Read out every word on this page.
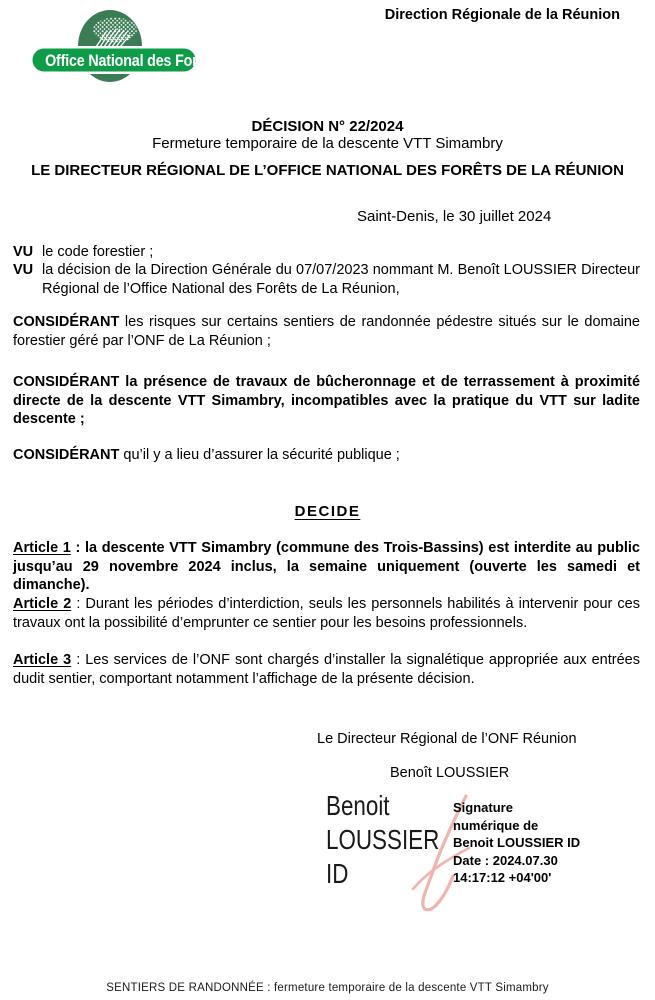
Direction Régionale de la Réunion
Office National des Forêts
DÉCISION N° 22/2024
Fermeture temporaire de la descente VTT Simambry
LE DIRECTEUR RÉGIONAL DE L’OFFICE NATIONAL DES FORÊTS DE LA RÉUNION
Saint-Denis, le 30 juillet 2024
VU le code forestier ;
VU la décision de la Direction Générale du 07/07/2023 nommant M. Benoît LOUSSIER Directeur Régional de l’Office National des Forêts de La Réunion,
CONSIDÉRANT les risques sur certains sentiers de randonnée pédestre situés sur le domaine forestier géré par l’ONF de La Réunion ;
CONSIDÉRANT la présence de travaux de bûcheronnage et de terrassement à proximité directe de la descente VTT Simambry, incompatibles avec la pratique du VTT sur ladite descente ;
CONSIDÉRANT qu’il y a lieu d’assurer la sécurité publique ;
DECIDE
Article 1 : la descente VTT Simambry (commune des Trois-Bassins) est interdite au public jusqu’au 29 novembre 2024 inclus, la semaine uniquement (ouverte les samedi et dimanche).
Article 2 : Durant les périodes d’interdiction, seuls les personnels habilités à intervenir pour ces travaux ont la possibilité d’emprunter ce sentier pour les besoins professionnels.
Article 3 : Les services de l’ONF sont chargés d’installer la signalétique appropriée aux entrées dudit sentier, comportant notamment l’affichage de la présente décision.
Le Directeur Régional de l’ONF Réunion
Benoît LOUSSIER
Benoit
LOUSSIER
ID
Signature
numérique de
Benoit LOUSSIER ID
Date : 2024.07.30
14:17:12 +04'00'
SENTIERS DE RANDONNÉE : fermeture temporaire de la descente VTT Simambry
